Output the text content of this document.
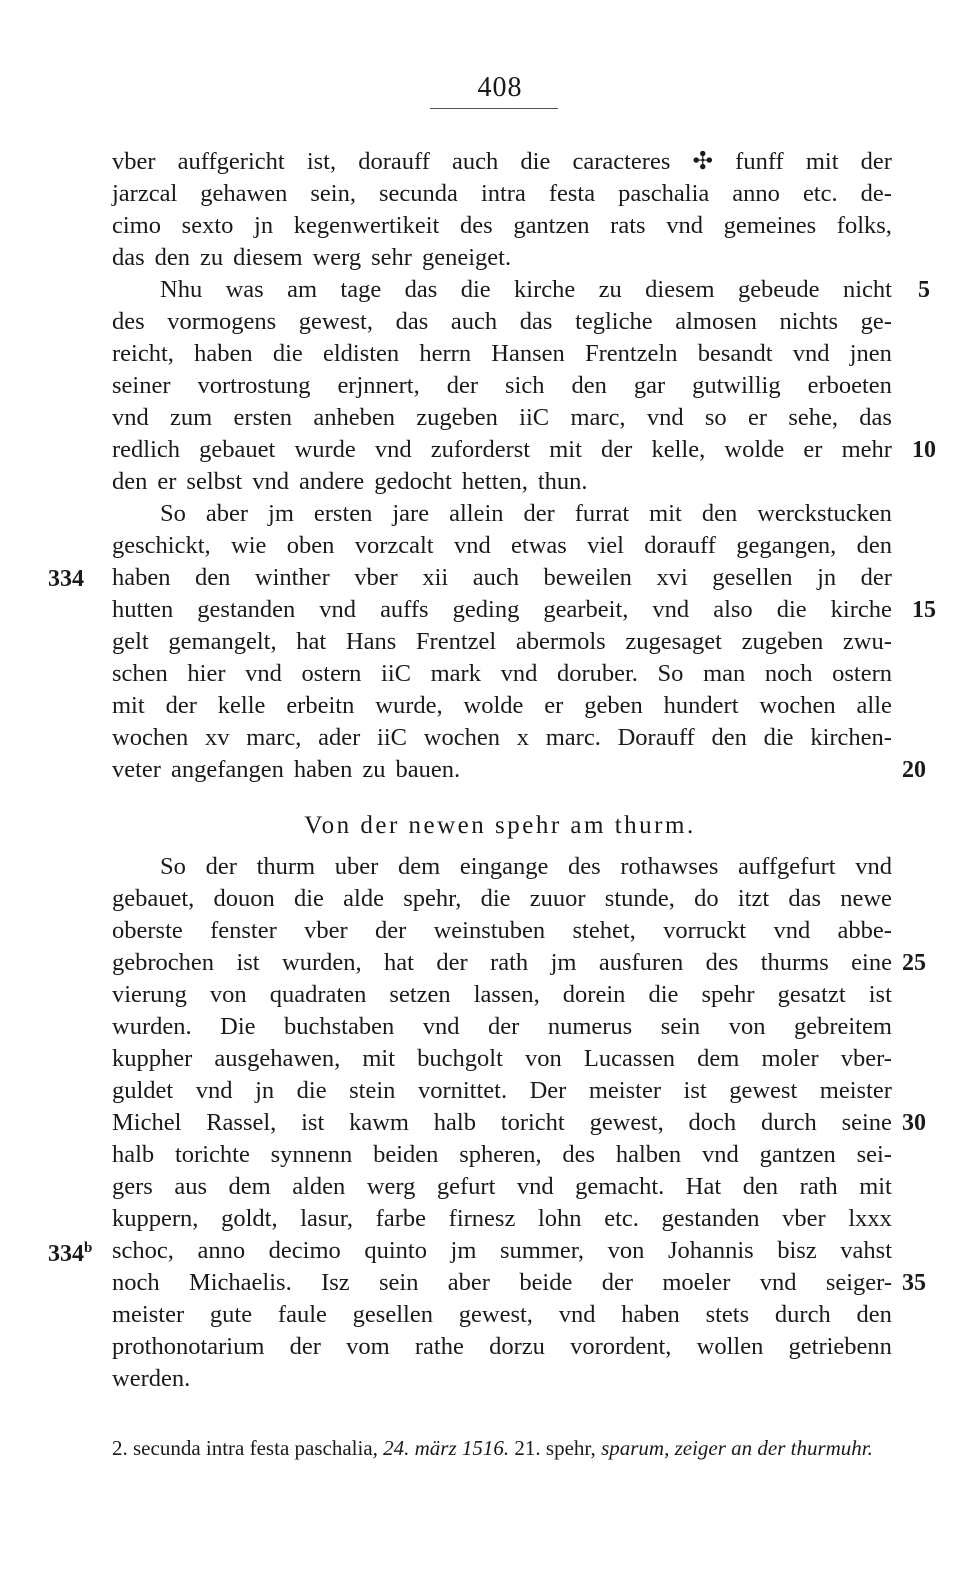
408
vber auffgericht ist, dorauff auch die caracteres ✣ funff mit der
jarzcal gehawen sein, secunda intra festa paschalia anno etc. de-
cimo sexto jn kegenwertikeit des gantzen rats vnd gemeines folks,
das den zu diesem werg sehr geneiget.
Nhu was am tage das die kirche zu diesem gebeude nicht
des vormogens gewest, das auch das tegliche almosen nichts ge-
reicht, haben die eldisten herrn Hansen Frentzeln besandt vnd jnen
seiner vortrostung erjnnert, der sich den gar gutwillig erboeten
vnd zum ersten anheben zugeben iiC marc, vnd so er sehe, das
redlich gebauet wurde vnd zuforderst mit der kelle, wolde er mehr
den er selbst vnd andere gedocht hetten, thun.
So aber jm ersten jare allein der furrat mit den werckstucken
geschickt, wie oben vorzcalt vnd etwas viel dorauff gegangen, den
haben den winther vber xii auch beweilen xvi gesellen jn der
hutten gestanden vnd auffs geding gearbeit, vnd also die kirche
gelt gemangelt, hat Hans Frentzel abermols zugesaget zugeben zwu-
schen hier vnd ostern iiC mark vnd doruber. So man noch ostern
mit der kelle erbeitn wurde, wolde er geben hundert wochen alle
wochen xv marc, ader iiC wochen x marc. Dorauff den die kirchen-
veter angefangen haben zu bauen.
Von der newen spehr am thurm.
So der thurm uber dem eingange des rothawses auffgefurt vnd
gebauet, douon die alde spehr, die zuuor stunde, do itzt das newe
oberste fenster vber der weinstuben stehet, vorruckt vnd abbe-
gebrochen ist wurden, hat der rath jm ausfuren des thurms eine
vierung von quadraten setzen lassen, dorein die spehr gesatzt ist
wurden. Die buchstaben vnd der numerus sein von gebreitem
kuppher ausgehawen, mit buchgolt von Lucassen dem moler vber-
guldet vnd jn die stein vornittet. Der meister ist gewest meister
Michel Rassel, ist kawm halb toricht gewest, doch durch seine
halb torichte synnenn beiden spheren, des halben vnd gantzen sei-
gers aus dem alden werg gefurt vnd gemacht. Hat den rath mit
kuppern, goldt, lasur, farbe firnesz lohn etc. gestanden vber lxxx
schoc, anno decimo quinto jm summer, von Johannis bisz vahst
noch Michaelis. Isz sein aber beide der moeler vnd seiger-
meister gute faule gesellen gewest, vnd haben stets durch den
prothonotarium der vom rathe dorzu vorordent, wollen getriebenn
werden.
5
10
15
20
25
30
35
334
334$^b$
2. secunda intra festa paschalia, 24. märz 1516. 21. spehr, sparum, zeiger an der thurmuhr.
